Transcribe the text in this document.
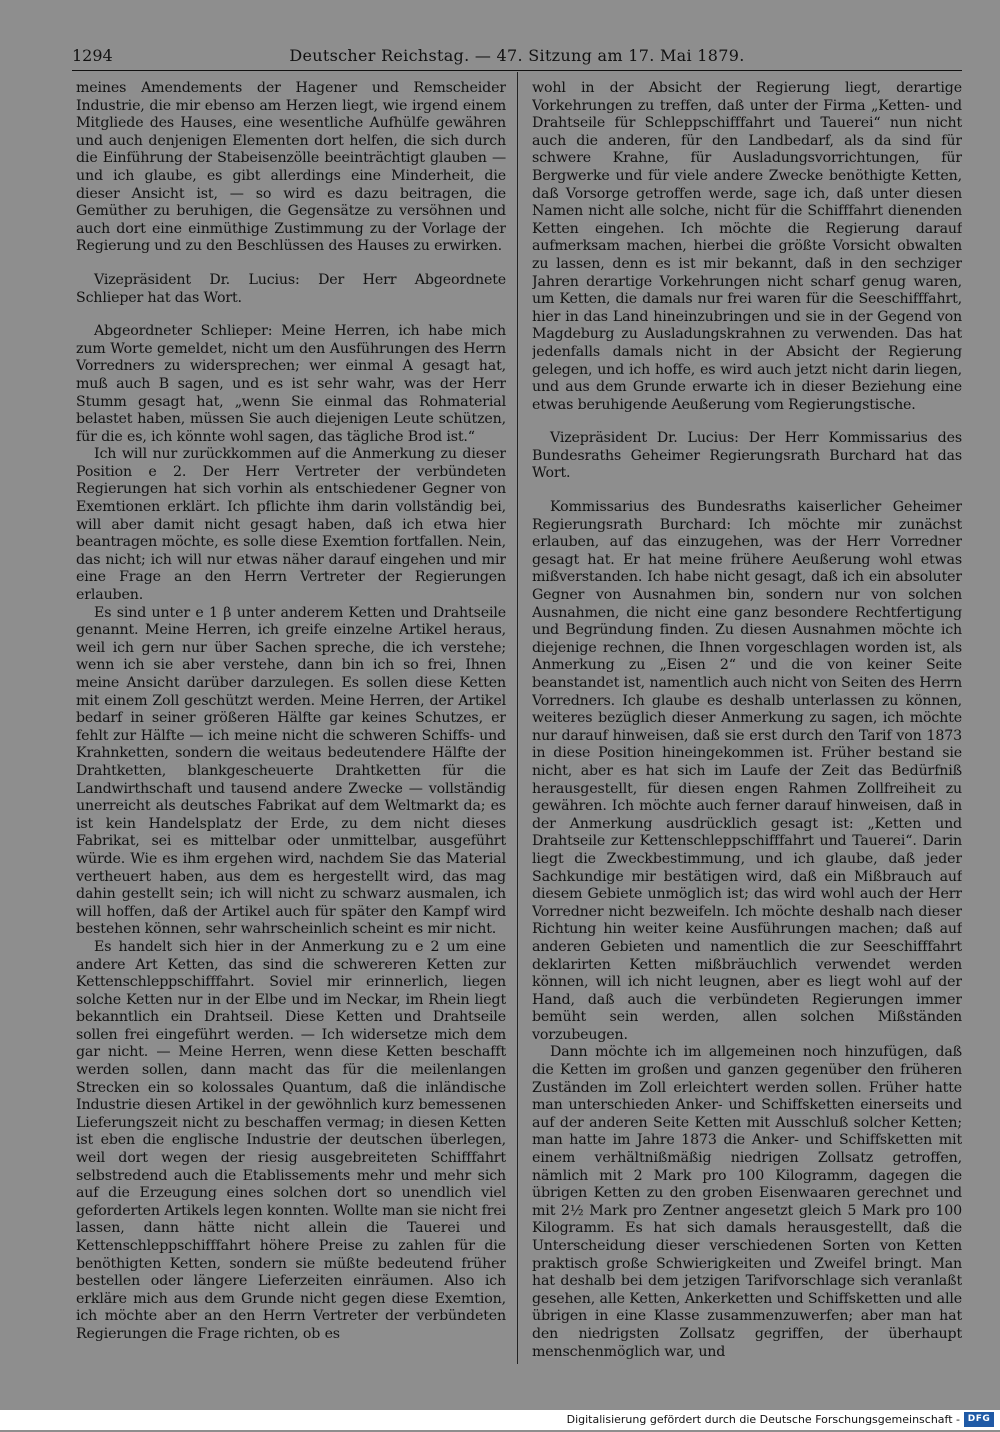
1294	Deutscher Reichstag. — 47. Sitzung am 17. Mai 1879.

meines Amendements der Hagener und Remscheider Industrie, die mir ebenso am Herzen liegt, wie irgend einem Mitgliede des Hauses, eine wesentliche Aufhülfe gewähren und auch denjenigen Elementen dort helfen, die sich durch die Einführung der Stabeisenzölle beeinträchtigt glauben — und ich glaube, es gibt allerdings eine Minderheit, die dieser Ansicht ist, — so wird es dazu beitragen, die Gemüther zu beruhigen, die Gegensätze zu versöhnen und auch dort eine einmüthige Zustimmung zu der Vorlage der Regierung und zu den Beschlüssen des Hauses zu erwirken.

Vizepräsident Dr. Lucius: Der Herr Abgeordnete Schlieper hat das Wort.

Abgeordneter Schlieper: Meine Herren, ich habe mich zum Worte gemeldet, nicht um den Ausführungen des Herrn Vorredners zu widersprechen; wer einmal A gesagt hat, muß auch B sagen, und es ist sehr wahr, was der Herr Stumm gesagt hat, „wenn Sie einmal das Rohmaterial belastet haben, müssen Sie auch diejenigen Leute schützen, für die es, ich könnte wohl sagen, das tägliche Brod ist.“

Ich will nur zurückkommen auf die Anmerkung zu dieser Position e 2. Der Herr Vertreter der verbündeten Regierungen hat sich vorhin als entschiedener Gegner von Exemtionen erklärt. Ich pflichte ihm darin vollständig bei, will aber damit nicht gesagt haben, daß ich etwa hier beantragen möchte, es solle diese Exemtion fortfallen. Nein, das nicht; ich will nur etwas näher darauf eingehen und mir eine Frage an den Herrn Vertreter der Regierungen erlauben.

Es sind unter e 1 β unter anderem Ketten und Drahtseile genannt. Meine Herren, ich greife einzelne Artikel heraus, weil ich gern nur über Sachen spreche, die ich verstehe; wenn ich sie aber verstehe, dann bin ich so frei, Ihnen meine Ansicht darüber darzulegen. Es sollen diese Ketten mit einem Zoll geschützt werden. Meine Herren, der Artikel bedarf in seiner größeren Hälfte gar keines Schutzes, er fehlt zur Hälfte — ich meine nicht die schweren Schiffs- und Krahnketten, sondern die weitaus bedeutendere Hälfte der Drahtketten, blankgescheuerte Drahtketten für die Landwirthschaft und tausend andere Zwecke — vollständig unerreicht als deutsches Fabrikat auf dem Weltmarkt da; es ist kein Handelsplatz der Erde, zu dem nicht dieses Fabrikat, sei es mittelbar oder unmittelbar, ausgeführt würde. Wie es ihm ergehen wird, nachdem Sie das Material vertheuert haben, aus dem es hergestellt wird, das mag dahin gestellt sein; ich will nicht zu schwarz ausmalen, ich will hoffen, daß der Artikel auch für später den Kampf wird bestehen können, sehr wahrscheinlich scheint es mir nicht.

Es handelt sich hier in der Anmerkung zu e 2 um eine andere Art Ketten, das sind die schwereren Ketten zur Kettenschleppschifffahrt. Soviel mir erinnerlich, liegen solche Ketten nur in der Elbe und im Neckar, im Rhein liegt bekanntlich ein Drahtseil. Diese Ketten und Drahtseile sollen frei eingeführt werden. — Ich widersetze mich dem gar nicht. — Meine Herren, wenn diese Ketten beschafft werden sollen, dann macht das für die meilenlangen Strecken ein so kolossales Quantum, daß die inländische Industrie diesen Artikel in der gewöhnlich kurz bemessenen Lieferungszeit nicht zu beschaffen vermag; in diesen Ketten ist eben die englische Industrie der deutschen überlegen, weil dort wegen der riesig ausgebreiteten Schifffahrt selbstredend auch die Etablissements mehr und mehr sich auf die Erzeugung eines solchen dort so unendlich viel geforderten Artikels legen konnten. Wollte man sie nicht frei lassen, dann hätte nicht allein die Tauerei und Kettenschleppschifffahrt höhere Preise zu zahlen für die benöthigten Ketten, sondern sie müßte bedeutend früher bestellen oder längere Lieferzeiten einräumen. Also ich erkläre mich aus dem Grunde nicht gegen diese Exemtion, ich möchte aber an den Herrn Vertreter der verbündeten Regierungen die Frage richten, ob es

wohl in der Absicht der Regierung liegt, derartige Vorkehrungen zu treffen, daß unter der Firma „Ketten- und Drahtseile für Schleppschifffahrt und Tauerei“ nun nicht auch die anderen, für den Landbedarf, als da sind für schwere Krahne, für Ausladungsvorrichtungen, für Bergwerke und für viele andere Zwecke benöthigte Ketten, daß Vorsorge getroffen werde, sage ich, daß unter diesen Namen nicht alle solche, nicht für die Schifffahrt dienenden Ketten eingehen. Ich möchte die Regierung darauf aufmerksam machen, hierbei die größte Vorsicht obwalten zu lassen, denn es ist mir bekannt, daß in den sechziger Jahren derartige Vorkehrungen nicht scharf genug waren, um Ketten, die damals nur frei waren für die Seeschifffahrt, hier in das Land hineinzubringen und sie in der Gegend von Magdeburg zu Ausladungskrahnen zu verwenden. Das hat jedenfalls damals nicht in der Absicht der Regierung gelegen, und ich hoffe, es wird auch jetzt nicht darin liegen, und aus dem Grunde erwarte ich in dieser Beziehung eine etwas beruhigende Aeußerung vom Regierungstische.

Vizepräsident Dr. Lucius: Der Herr Kommissarius des Bundesraths Geheimer Regierungsrath Burchard hat das Wort.

Kommissarius des Bundesraths kaiserlicher Geheimer Regierungsrath Burchard: Ich möchte mir zunächst erlauben, auf das einzugehen, was der Herr Vorredner gesagt hat. Er hat meine frühere Aeußerung wohl etwas mißverstanden. Ich habe nicht gesagt, daß ich ein absoluter Gegner von Ausnahmen bin, sondern nur von solchen Ausnahmen, die nicht eine ganz besondere Rechtfertigung und Begründung finden. Zu diesen Ausnahmen möchte ich diejenige rechnen, die Ihnen vorgeschlagen worden ist, als Anmerkung zu „Eisen 2“ und die von keiner Seite beanstandet ist, namentlich auch nicht von Seiten des Herrn Vorredners. Ich glaube es deshalb unterlassen zu können, weiteres bezüglich dieser Anmerkung zu sagen, ich möchte nur darauf hinweisen, daß sie erst durch den Tarif von 1873 in diese Position hineingekommen ist. Früher bestand sie nicht, aber es hat sich im Laufe der Zeit das Bedürfniß herausgestellt, für diesen engen Rahmen Zollfreiheit zu gewähren. Ich möchte auch ferner darauf hinweisen, daß in der Anmerkung ausdrücklich gesagt ist: „Ketten und Drahtseile zur Kettenschleppschifffahrt und Tauerei“. Darin liegt die Zweckbestimmung, und ich glaube, daß jeder Sachkundige mir bestätigen wird, daß ein Mißbrauch auf diesem Gebiete unmöglich ist; das wird wohl auch der Herr Vorredner nicht bezweifeln. Ich möchte deshalb nach dieser Richtung hin weiter keine Ausführungen machen; daß auf anderen Gebieten und namentlich die zur Seeschifffahrt deklarirten Ketten mißbräuchlich verwendet werden können, will ich nicht leugnen, aber es liegt wohl auf der Hand, daß auch die verbündeten Regierungen immer bemüht sein werden, allen solchen Mißständen vorzubeugen.

Dann möchte ich im allgemeinen noch hinzufügen, daß die Ketten im großen und ganzen gegenüber den früheren Zuständen im Zoll erleichtert werden sollen. Früher hatte man unterschieden Anker- und Schiffsketten einerseits und auf der anderen Seite Ketten mit Ausschluß solcher Ketten; man hatte im Jahre 1873 die Anker- und Schiffsketten mit einem verhältnißmäßig niedrigen Zollsatz getroffen, nämlich mit 2 Mark pro 100 Kilogramm, dagegen die übrigen Ketten zu den groben Eisenwaaren gerechnet und mit 2½ Mark pro Zentner angesetzt gleich 5 Mark pro 100 Kilogramm. Es hat sich damals herausgestellt, daß die Unterscheidung dieser verschiedenen Sorten von Ketten praktisch große Schwierigkeiten und Zweifel bringt. Man hat deshalb bei dem jetzigen Tarifvorschlage sich veranlaßt gesehen, alle Ketten, Ankerketten und Schiffsketten und alle übrigen in eine Klasse zusammenzuwerfen; aber man hat den niedrigsten Zollsatz gegriffen, der überhaupt menschenmöglich war, und

Digitalisierung gefördert durch die Deutsche Forschungsgemeinschaft - DFG
